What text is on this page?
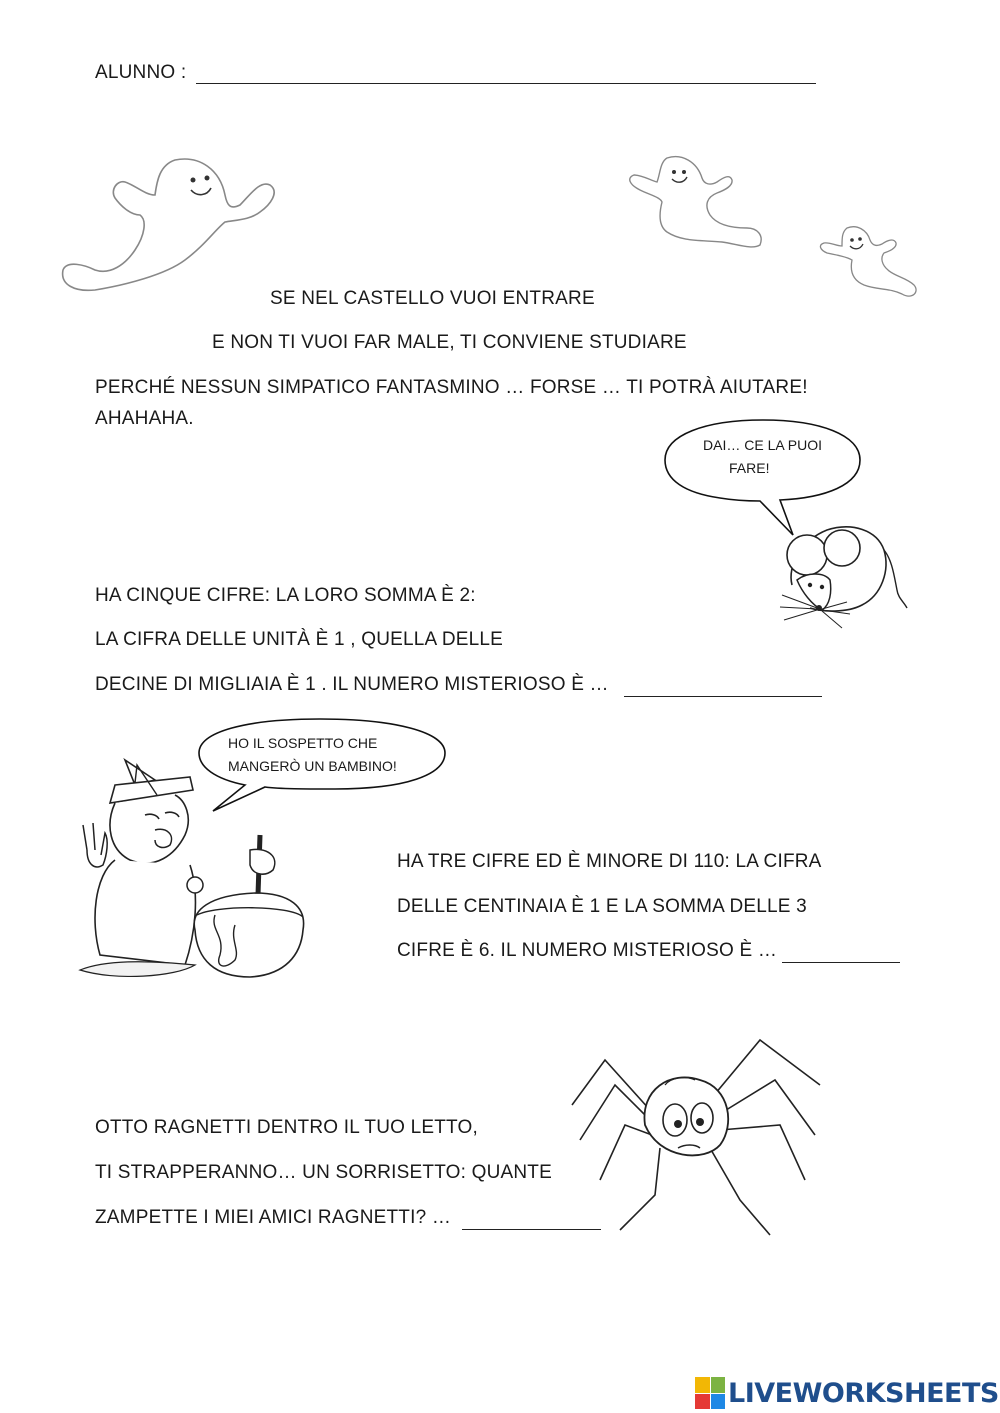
ALUNNO :
SE NEL CASTELLO VUOI ENTRARE
E NON TI VUOI FAR MALE, TI CONVIENE STUDIARE
PERCHÉ NESSUN SIMPATICO FANTASMINO … FORSE … TI POTRÀ AIUTARE!
AHAHAHA.
DAI… CE LA PUOI
FARE!
HA CINQUE CIFRE: LA LORO SOMMA È 2:
LA CIFRA DELLE UNITÀ È 1 , QUELLA DELLE
DECINE DI MIGLIAIA È 1 . IL NUMERO MISTERIOSO È …
HO IL SOSPETTO CHE
MANGERÒ UN BAMBINO!
HA TRE CIFRE ED È MINORE DI 110: LA CIFRA
DELLE CENTINAIA È 1 E LA SOMMA DELLE 3
CIFRE È 6. IL NUMERO MISTERIOSO È …
OTTO RAGNETTI DENTRO IL TUO LETTO,
TI STRAPPERANNO… UN SORRISETTO: QUANTE
ZAMPETTE I MIEI AMICI RAGNETTI? …
LIVEWORKSHEETS
